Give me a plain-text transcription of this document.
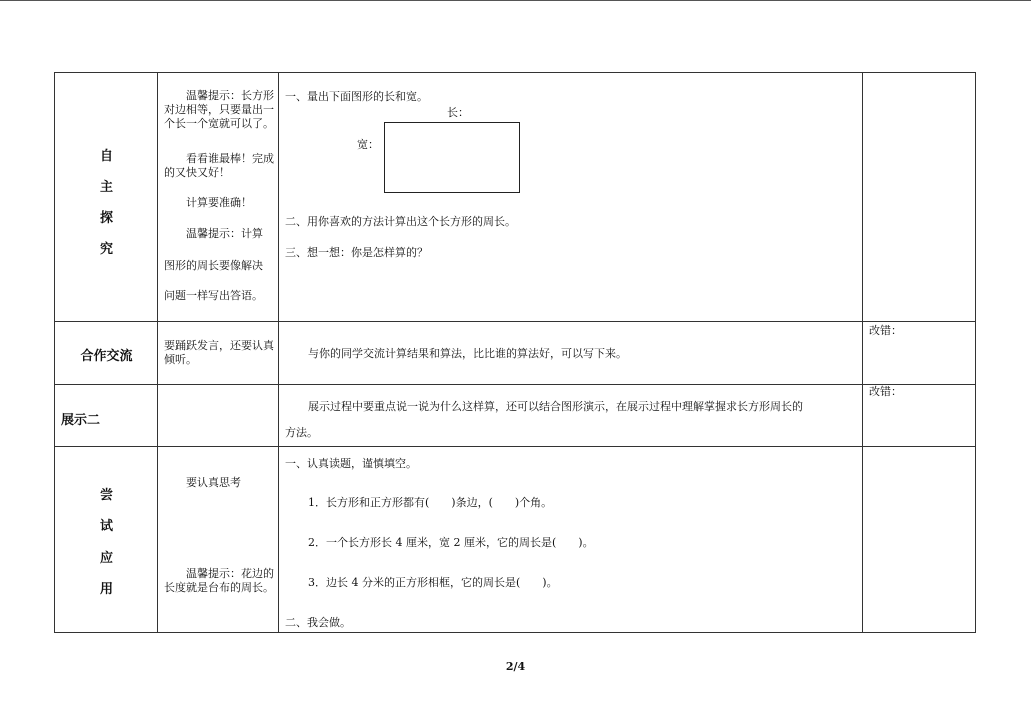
自
主
探
究
温馨提示：长方形对边相等，只要量出一个长一个宽就可以了。
看看谁最棒！完成的又快又好！
计算要准确！
温馨提示：计算
图形的周长要像解决
问题一样写出答语。
一、量出下面图形的长和宽。
长：
宽：
二、用你喜欢的方法计算出这个长方形的周长。
三、想一想：你是怎样算的？
合作交流
要踊跃发言，还要认真倾听。	与你的同学交流计算结果和算法，比比谁的算法好，可以写下来。
展示二
展示过程中要重点说一说为什么这样算，还可以结合图形演示，在展示过程中理解掌握求长方形周长的
方法。
改错：
改错：
尝
试
应
用
要认真思考
温馨提示：花边的长度就是台布的周长。
一、认真读题，谨慎填空。
1．长方形和正方形都有(　　)条边，(　　)个角。
2．一个长方形长 4 厘米，宽 2 厘米，它的周长是(　　)。
3．边长 4 分米的正方形相框，它的周长是(　　)。
二、我会做。
2/4
